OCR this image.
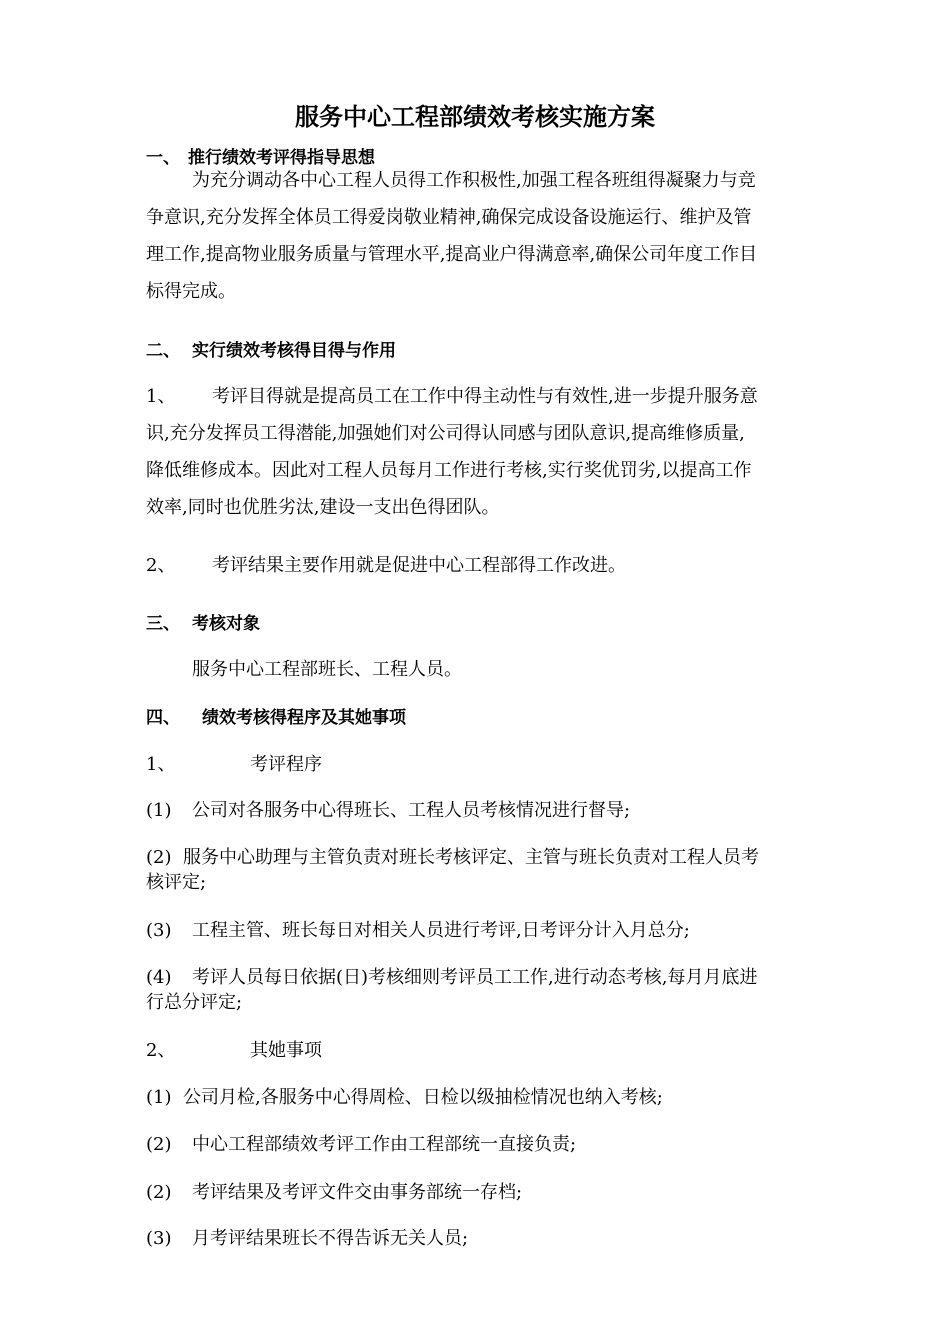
服务中心工程部绩效考核实施方案
一、 推行绩效考评得指导思想
为充分调动各中心工程人员得工作积极性,加强工程各班组得凝聚力与竞
争意识,充分发挥全体员工得爱岗敬业精神,确保完成设备设施运行、维护及管
理工作,提高物业服务质量与管理水平,提高业户得满意率,确保公司年度工作目
标得完成。
二、 实行绩效考核得目得与作用
1、 考评目得就是提高员工在工作中得主动性与有效性,进一步提升服务意
识,充分发挥员工得潜能,加强她们对公司得认同感与团队意识,提高维修质量,
降低维修成本。因此对工程人员每月工作进行考核,实行奖优罚劣,以提高工作
效率,同时也优胜劣汰,建设一支出色得团队。
2、 考评结果主要作用就是促进中心工程部得工作改进。
三、 考核对象
服务中心工程部班长、工程人员。
四、 绩效考核得程序及其她事项
1、	考评程序
(1) 公司对各服务中心得班长、工程人员考核情况进行督导;
(2) 服务中心助理与主管负责对班长考核评定、主管与班长负责对工程人员考
核评定;
(3) 工程主管、班长每日对相关人员进行考评,日考评分计入月总分;
(4) 考评人员每日依据(日)考核细则考评员工工作,进行动态考核,每月月底进
行总分评定;
2、	其她事项
(1) 公司月检,各服务中心得周检、日检以级抽检情况也纳入考核;
(2) 中心工程部绩效考评工作由工程部统一直接负责;
(2) 考评结果及考评文件交由事务部统一存档;
(3) 月考评结果班长不得告诉无关人员;
